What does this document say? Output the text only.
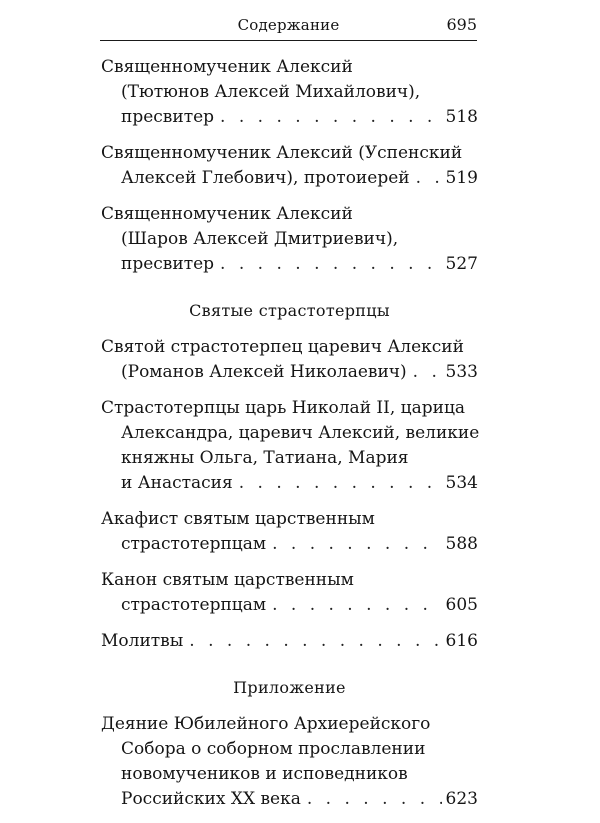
Содержание	695
Священномученик Алексий
(Тютюнов Алексей Михайлович),
пресвитер . . .	518
Священномученик Алексий (Успенский
Алексей Глебович), протоиерей . . . 519
Священномученик Алексий
(Шаров Алексей Дмитриевич),
пресвитер . . .	527
Святые страстотерпцы
Святой страстотерпец царевич Алексий
(Романов Алексей Николаевич) . . . 533
Страстотерпцы царь Николай II, царица
Александра, царевич Алексий, великие
княжны Ольга, Татиана, Мария
и Анастасия . . .	534
Акафист святым царственным
страстотерпцам . . .	588
Канон святым царственным
страстотерпцам . . .	605
Молитвы . . .	616
Приложение
Деяние Юбилейного Архиерейского
Собора о соборном прославлении
новомучеников и исповедников
Российских XX века . . .	623
